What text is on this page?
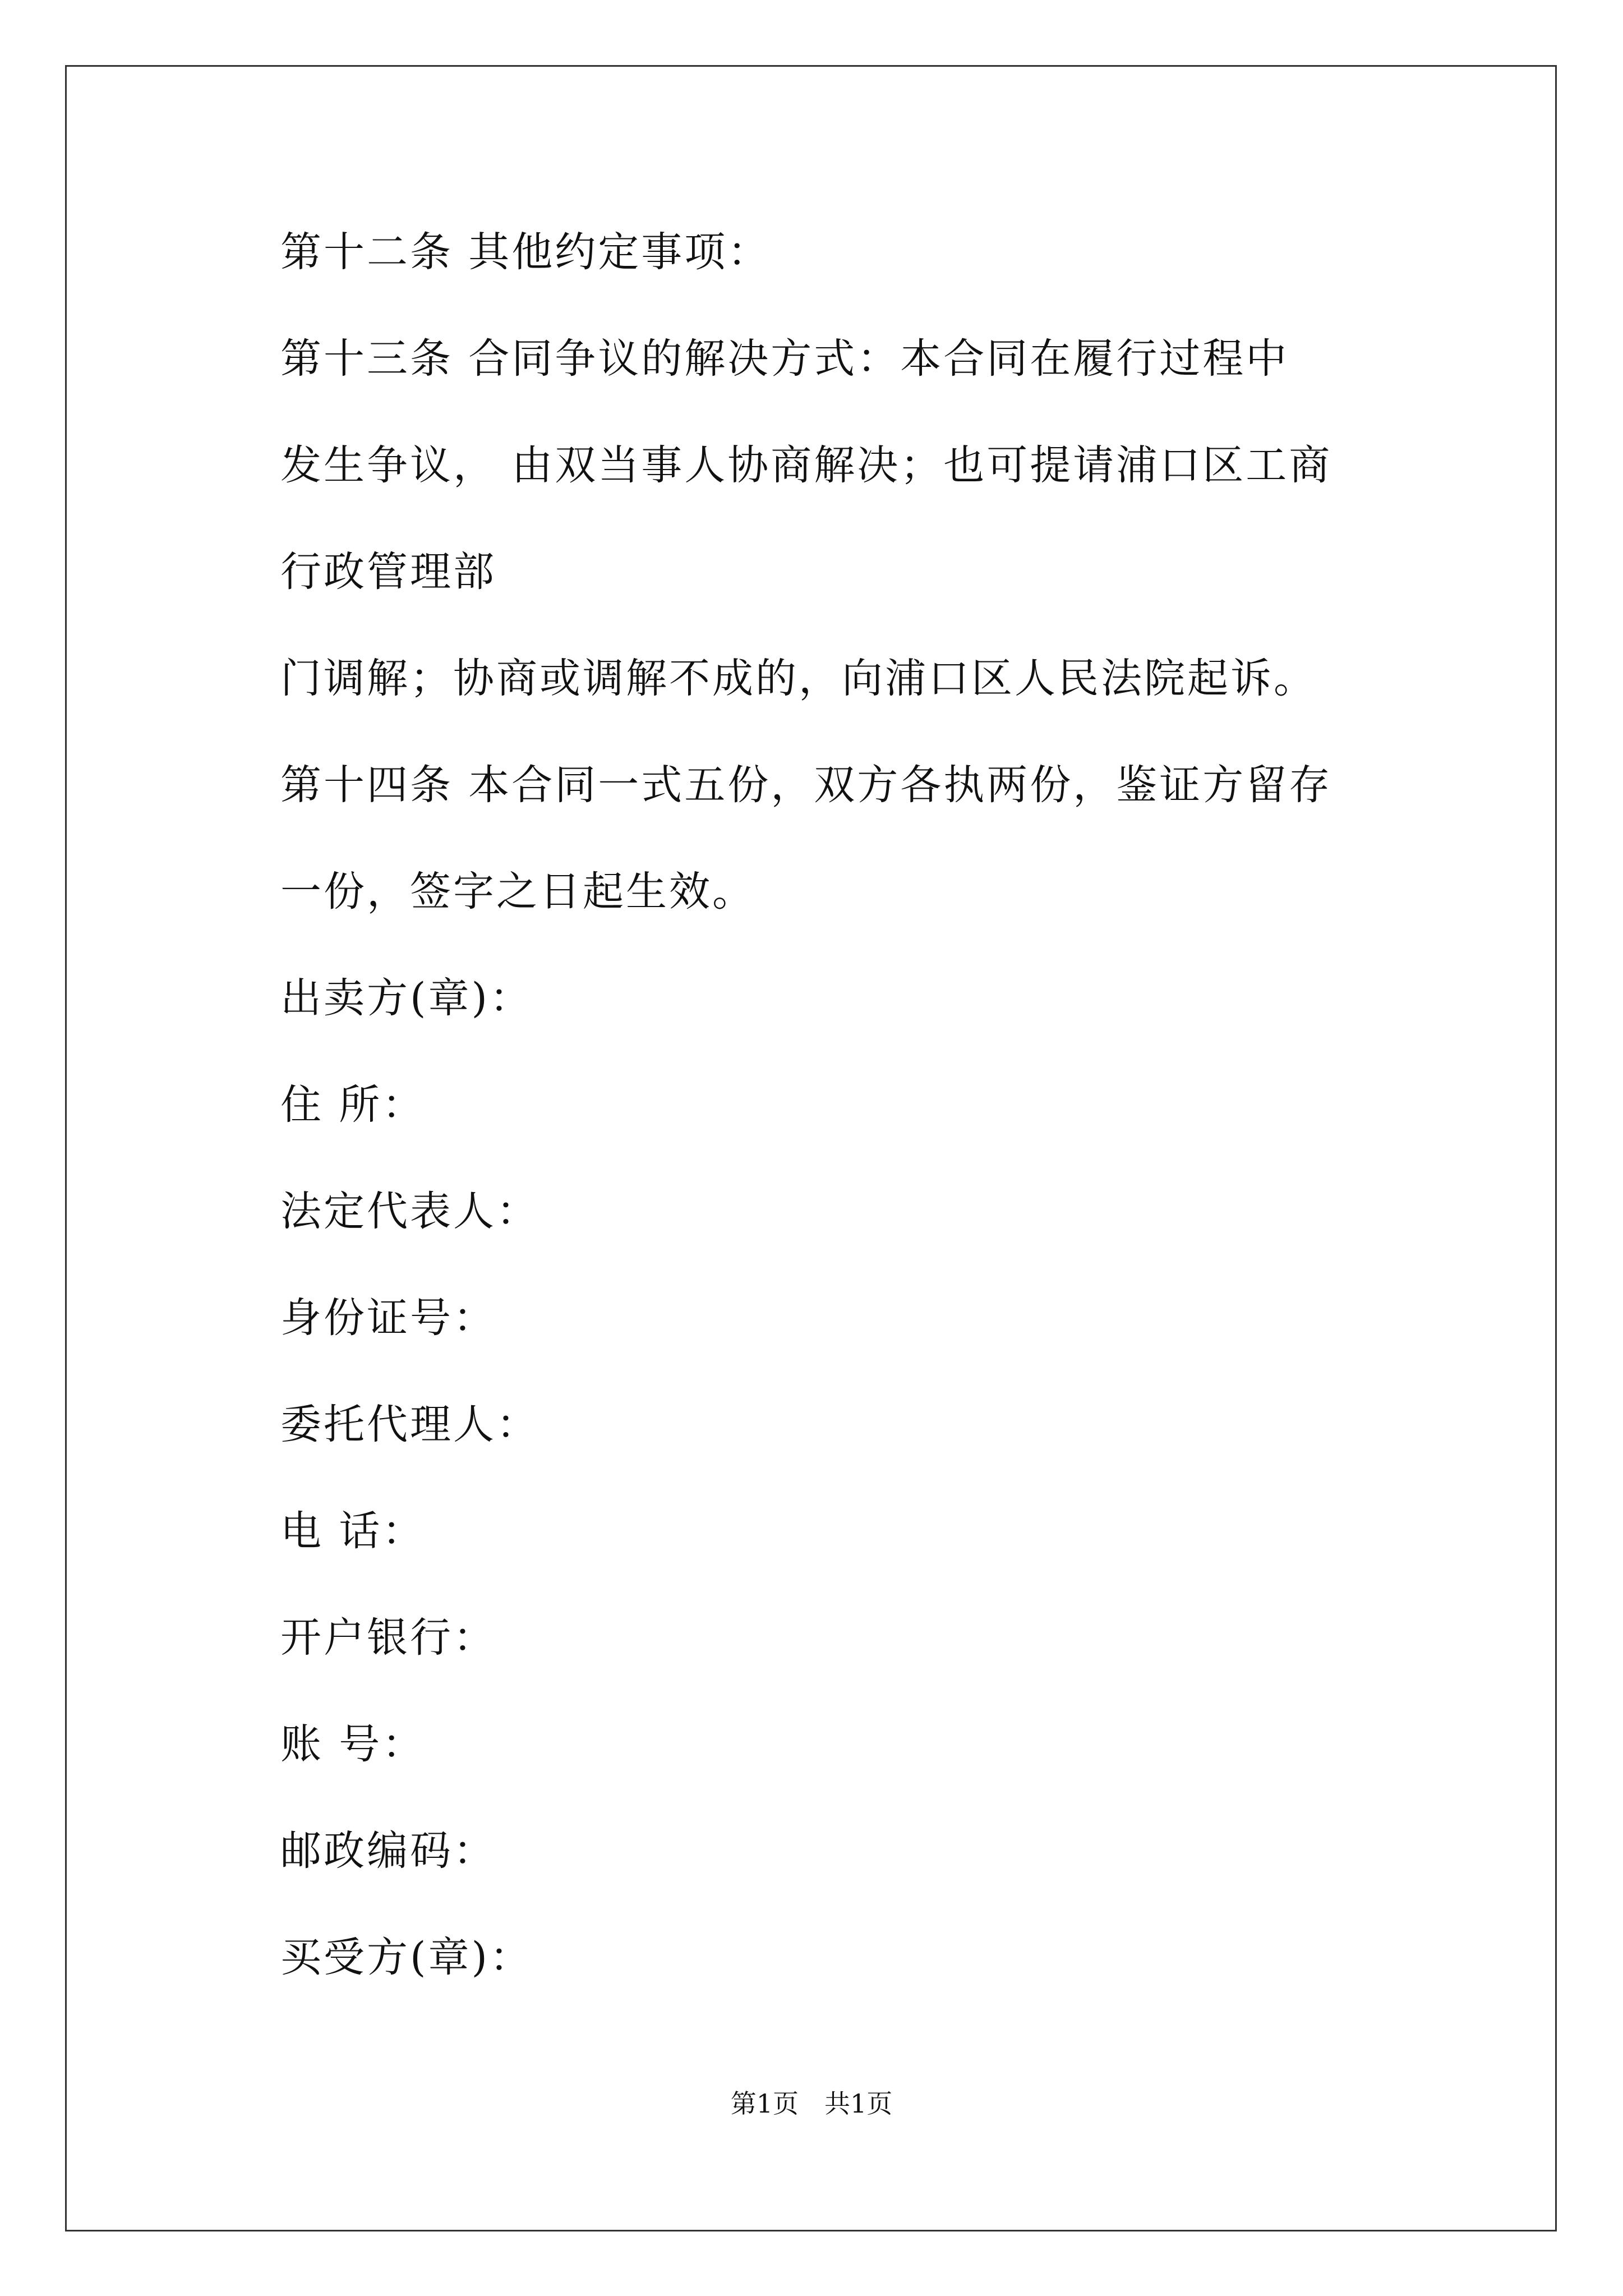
第十二条 其他约定事项：
第十三条 合同争议的解决方式：本合同在履行过程中
发生争议， 由双当事人协商解决；也可提请浦口区工商
行政管理部
门调解；协商或调解不成的，向浦口区人民法院起诉。
第十四条 本合同一式五份，双方各执两份，鉴证方留存
一份，签字之日起生效。
出卖方(章)：
住 所：
法定代表人：
身份证号：
委托代理人：
电 话：
开户银行：
账 号：
邮政编码：
买受方(章)：
第1页　共1页
